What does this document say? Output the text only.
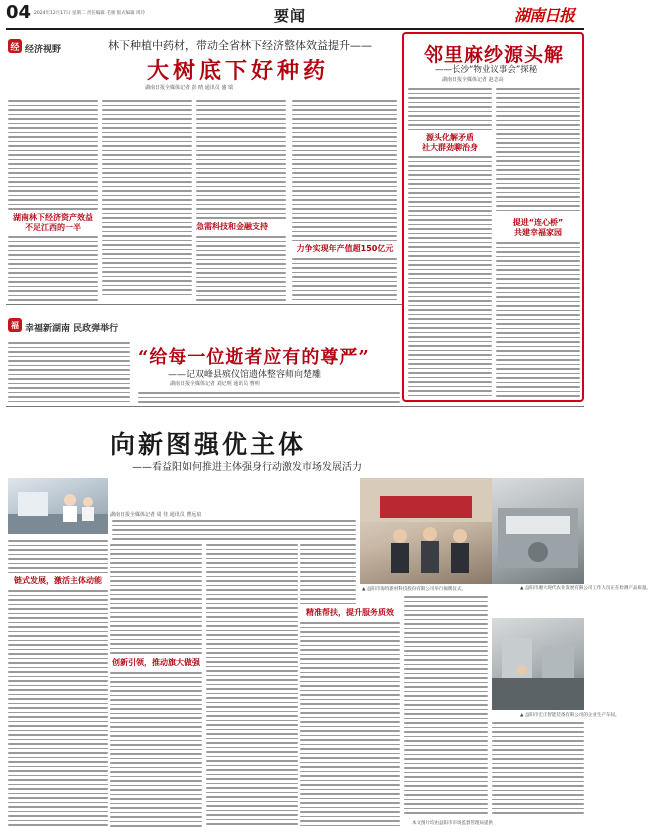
04 2024年12月17日 星期二 责任编辑 毛颀 版式编辑 周玲	要闻	湖南日报
经 经济视野	林下种植中药材，带动全省林下经济整体效益提升——
大树底下好种药
湖南日报全媒体记者 彭 晴 通讯员 盛 瑞
湖南林下经济资产效益
不足江西的一半	急需科技和金融支持
力争实现年产值超150亿元
邻里麻纱源头解
——长沙“物业议事会”探秘
湖南日报全媒体记者 赵志高
源头化解矛盾
社大群劲聊治身
提进“连心桥”
共建幸福家园
福 幸福新湖南 民政弹举行
“给每一位逝者应有的尊严”
——记双峰县殡仪馆遗体整容师向楚雕
湖南日报全媒体记者 刘记明 通讯员 曹明
向新图强优主体
——看益阳如何推进主体强身行动激发市场发展活力
湖南日报全媒体记者 周 佳 通讯员 曹远泉
链式发展，激活主体动能
创新引领，推动旗大做强
精准帮扶，提升服务质效
▲ 益阳市湘大现代农业发展有限公司工作人员正在检测产品质量。
▲ 益阳市宏正智能装备有限公司的企业生产车间。
▲ 益阳市海特新材科技股份有限公司举行揭牌仪式。
本文图片均由益阳市市场监督管理局提供
